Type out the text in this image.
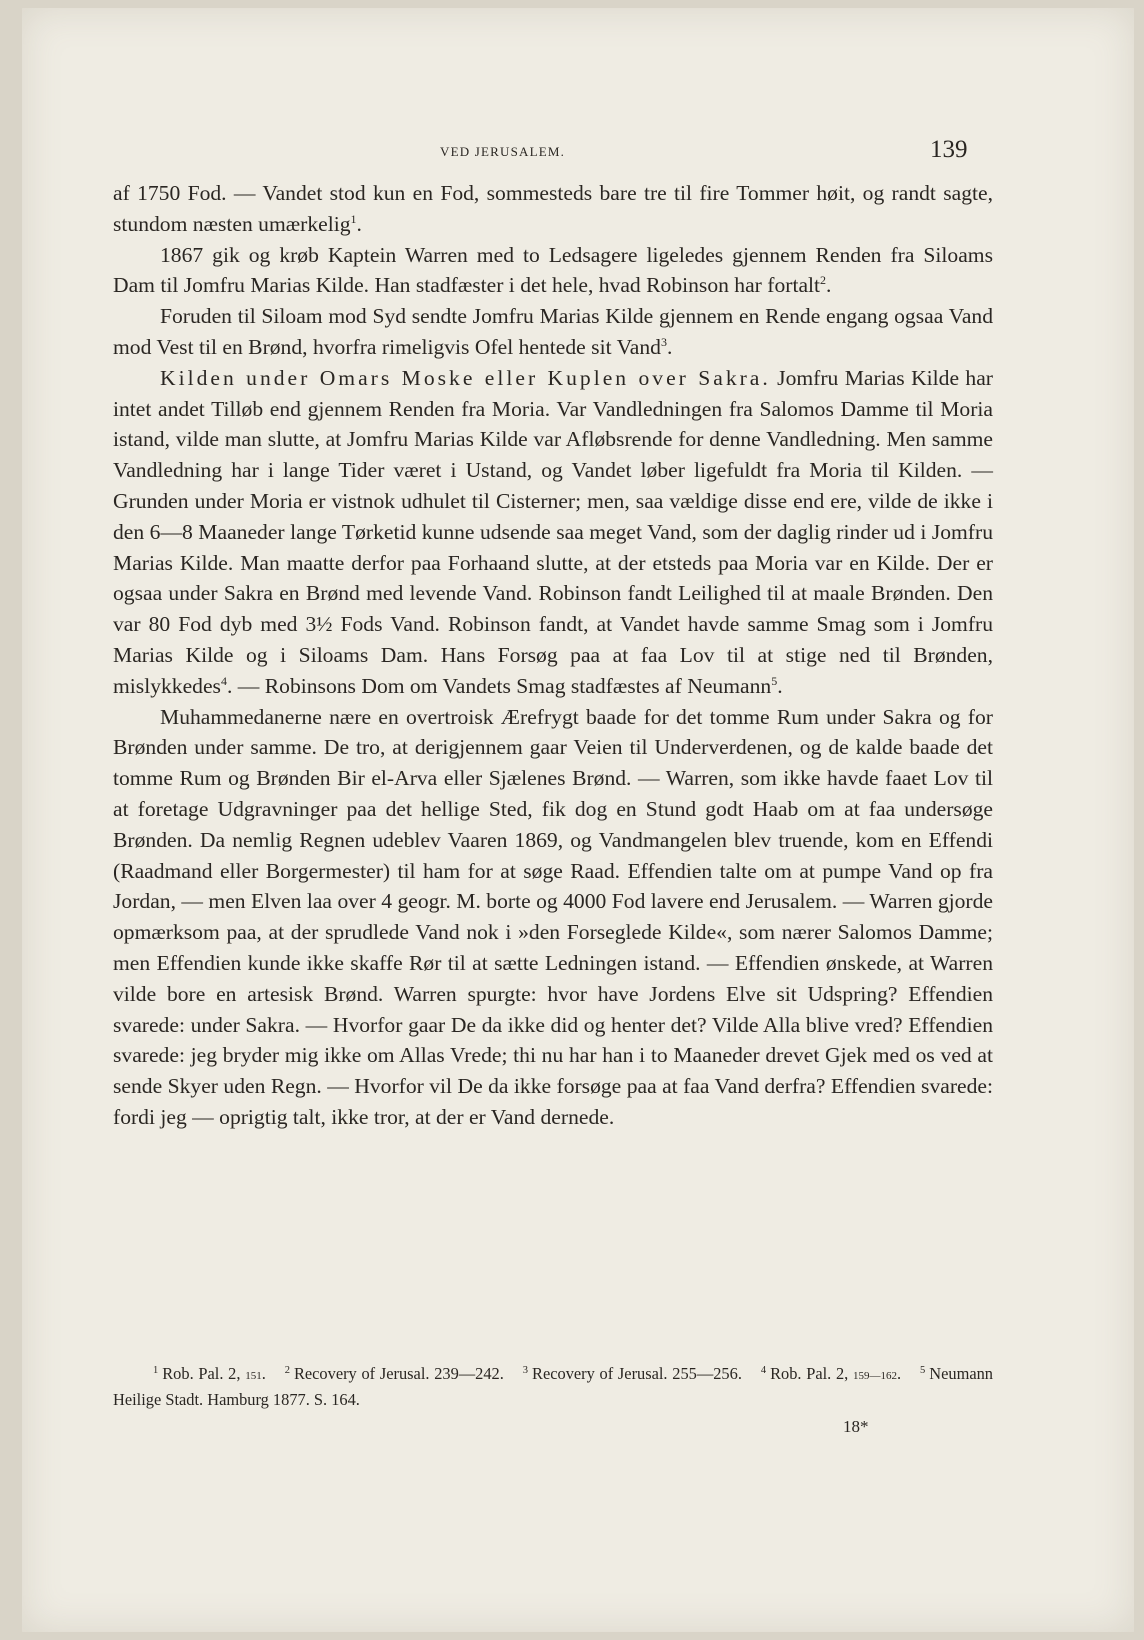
VED JERUSALEM.	139

af 1750 Fod. — Vandet stod kun en Fod, sommesteds bare tre til fire Tommer høit, og randt sagte, stundom næsten umærkelig$^1$.

1867 gik og krøb Kaptein Warren med to Ledsagere ligeledes gjennem Renden fra Siloams Dam til Jomfru Marias Kilde. Han stadfæster i det hele, hvad Robinson har fortalt$^2$.

Foruden til Siloam mod Syd sendte Jomfru Marias Kilde gjennem en Rende engang ogsaa Vand mod Vest til en Brønd, hvorfra rimeligvis Ofel hentede sit Vand$^3$.

Kilden under Omars Moske eller Kuplen over Sakra. Jomfru Marias Kilde har intet andet Tilløb end gjennem Renden fra Moria. Var Vandledningen fra Salomos Damme til Moria istand, vilde man slutte, at Jomfru Marias Kilde var Afløbsrende for denne Vandledning. Men samme Vandledning har i lange Tider været i Ustand, og Vandet løber ligefuldt fra Moria til Kilden. — Grunden under Moria er vistnok udhulet til Cisterner; men, saa vældige disse end ere, vilde de ikke i den 6—8 Maaneder lange Tørketid kunne udsende saa meget Vand, som der daglig rinder ud i Jomfru Marias Kilde. Man maatte derfor paa Forhaand slutte, at der etsteds paa Moria var en Kilde. Der er ogsaa under Sakra en Brønd med levende Vand. Robinson fandt Leilighed til at maale Brønden. Den var 80 Fod dyb med 3½ Fods Vand. Robinson fandt, at Vandet havde samme Smag som i Jomfru Marias Kilde og i Siloams Dam. Hans Forsøg paa at faa Lov til at stige ned til Brønden, mislykkedes$^4$. — Robinsons Dom om Vandets Smag stadfæstes af Neumann$^5$.

Muhammedanerne nære en overtroisk Ærefrygt baade for det tomme Rum under Sakra og for Brønden under samme. De tro, at derigjennem gaar Veien til Underverdenen, og de kalde baade det tomme Rum og Brønden Bir el-Arva eller Sjælenes Brønd. — Warren, som ikke havde faaet Lov til at foretage Udgravninger paa det hellige Sted, fik dog en Stund godt Haab om at faa undersøge Brønden. Da nemlig Regnen udeblev Vaaren 1869, og Vandmangelen blev truende, kom en Effendi (Raadmand eller Borgermester) til ham for at søge Raad. Effendien talte om at pumpe Vand op fra Jordan, — men Elven laa over 4 geogr. M. borte og 4000 Fod lavere end Jerusalem. — Warren gjorde opmærksom paa, at der sprudlede Vand nok i »den Forseglede Kilde«, som nærer Salomos Damme; men Effendien kunde ikke skaffe Rør til at sætte Ledningen istand. — Effendien ønskede, at Warren vilde bore en artesisk Brønd. Warren spurgte: hvor have Jordens Elve sit Udspring? Effendien svarede: under Sakra. — Hvorfor gaar De da ikke did og henter det? Vilde Alla blive vred? Effendien svarede: jeg bryder mig ikke om Allas Vrede; thi nu har han i to Maaneder drevet Gjek med os ved at sende Skyer uden Regn. — Hvorfor vil De da ikke forsøge paa at faa Vand derfra? Effendien svarede: fordi jeg — oprigtig talt, ikke tror, at der er Vand dernede.

$^1$ Rob. Pal. 2, 151. $^2$ Recovery of Jerusal. 239—242. $^3$ Recovery of Jerusal. 255—256. $^4$ Rob. Pal. 2, 159—162. $^5$ Neumann Heilige Stadt. Hamburg 1877. S. 164.

18*
